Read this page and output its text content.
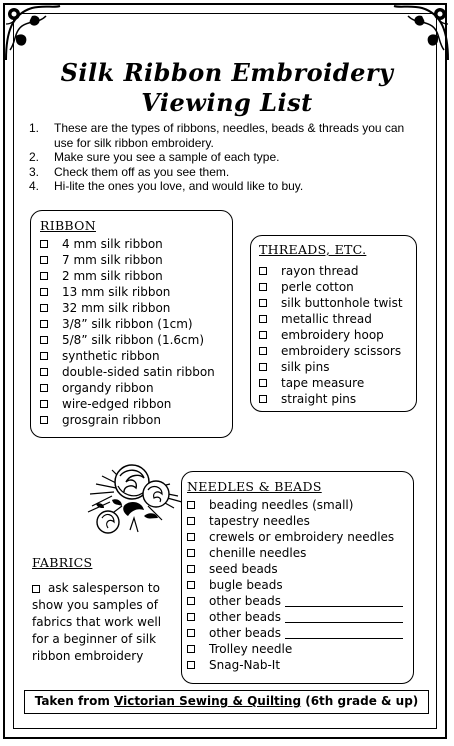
Silk Ribbon Embroidery
Viewing List
1. These are the types of ribbons, needles, beads & threads you can use for silk ribbon embroidery.
2. Make sure you see a sample of each type.
3. Check them off as you see them.
4. Hi-lite the ones you love, and would like to buy.
RIBBON
4 mm silk ribbon
7 mm silk ribbon
2 mm silk ribbon
13 mm silk ribbon
32 mm silk ribbon
3/8” silk ribbon (1cm)
5/8” silk ribbon (1.6cm)
synthetic ribbon
double-sided satin ribbon
organdy ribbon
wire-edged ribbon
grosgrain ribbon
THREADS, ETC.
rayon thread
perle cotton
silk buttonhole twist
metallic thread
embroidery hoop
embroidery scissors
silk pins
tape measure
straight pins
NEEDLES & BEADS
beading needles (small)
tapestry needles
crewels or embroidery needles
chenille needles
seed beads
bugle beads
other beads
other beads
other beads
Trolley needle
Snag-Nab-It
FABRICS
ask salesperson to show you samples of fabrics that work well for a beginner of silk ribbon embroidery
Taken from Victorian Sewing & Quilting (6th grade & up)
